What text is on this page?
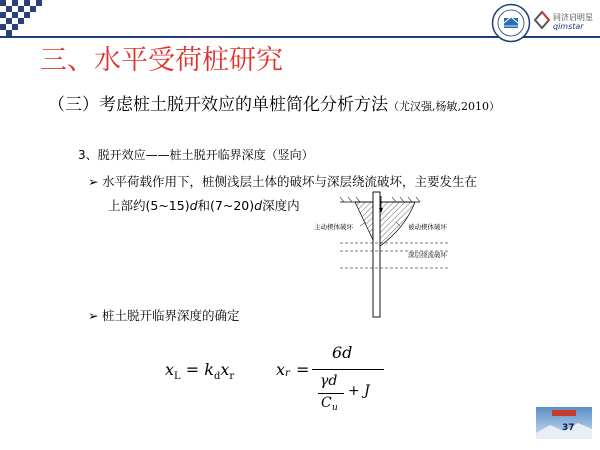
同济启明星
qimstar
三、水平受荷桩研究
（三）考虑桩土脱开效应的单桩简化分析方法（尤汉强,杨敏,2010）
3、脱开效应——桩土脱开临界深度（竖向）
➢ 水平荷载作用下，桩侧浅层土体的破坏与深层绕流破坏，主要发生在
上部约(5~15)d和(7~20)d深度内
主动楔体破坏	被动楔体破坏
深层绕流破坏
➢ 桩土脱开临界深度的确定
$x_L = k_dx_r$	x r =
6d
γd
C u
+ J
37
